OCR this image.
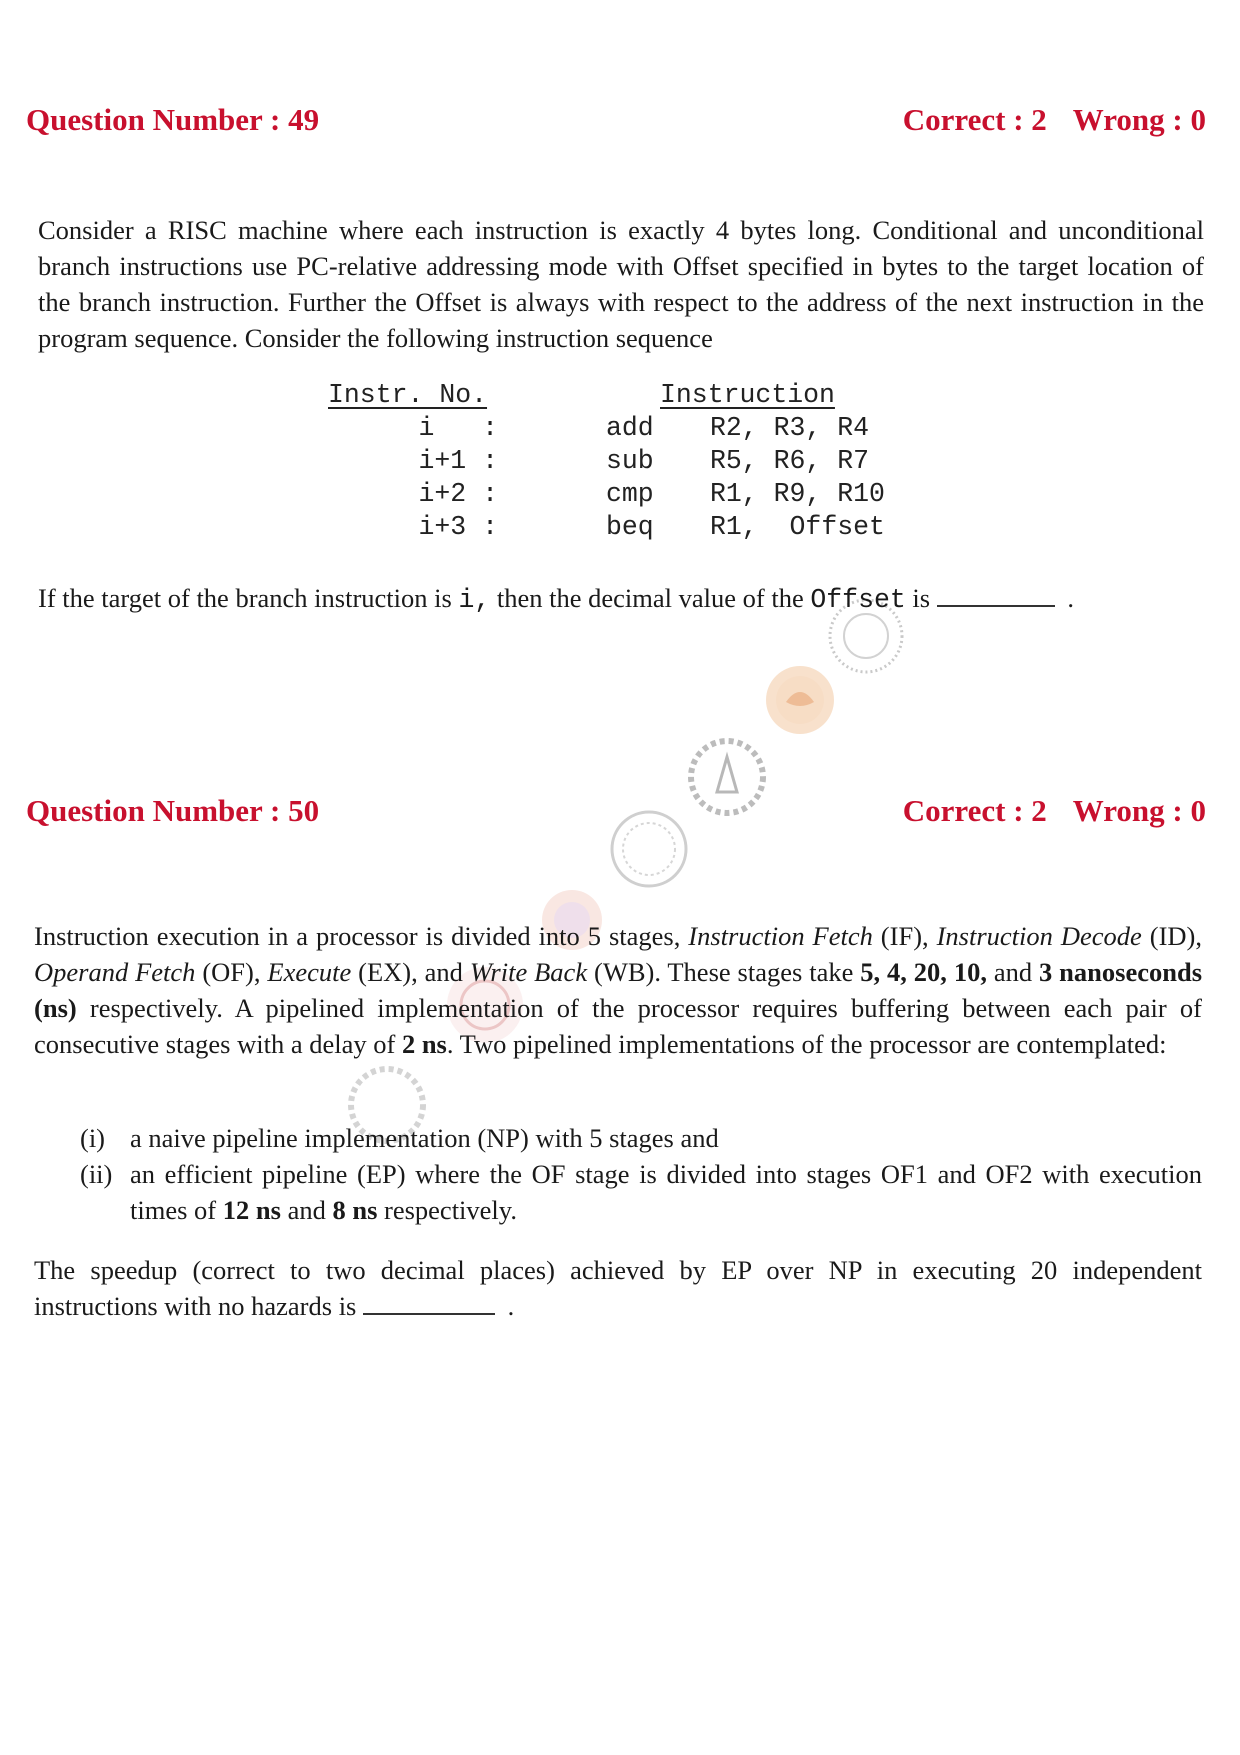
Question Number : 49	Correct : 2 Wrong : 0
Consider a RISC machine where each instruction is exactly 4 bytes long. Conditional and unconditional branch instructions use PC-relative addressing mode with Offset specified in bytes to the target location of the branch instruction. Further the Offset is always with respect to the address of the next instruction in the program sequence. Consider the following instruction sequence
Instr. No.	Instruction
i   :	add R2, R3, R4
i+1 :	sub R5, R6, R7
i+2 :	cmp R1, R9, R10
i+3 :	beq R1,  Offset
If the target of the branch instruction is i, then the decimal value of the Offset is	.
Question Number : 50	Correct : 2 Wrong : 0
Instruction execution in a processor is divided into 5 stages, Instruction Fetch (IF), Instruction Decode (ID), Operand Fetch (OF), Execute (EX), and Write Back (WB). These stages take 5, 4, 20, 10, and 3 nanoseconds (ns) respectively. A pipelined implementation of the processor requires buffering between each pair of consecutive stages with a delay of 2 ns. Two pipelined implementations of the processor are contemplated:
(i) a naive pipeline implementation (NP) with 5 stages and
(ii) an efficient pipeline (EP) where the OF stage is divided into stages OF1 and OF2 with execution times of 12 ns and 8 ns respectively.
The speedup (correct to two decimal places) achieved by EP over NP in executing 20 independent instructions with no hazards is	.
